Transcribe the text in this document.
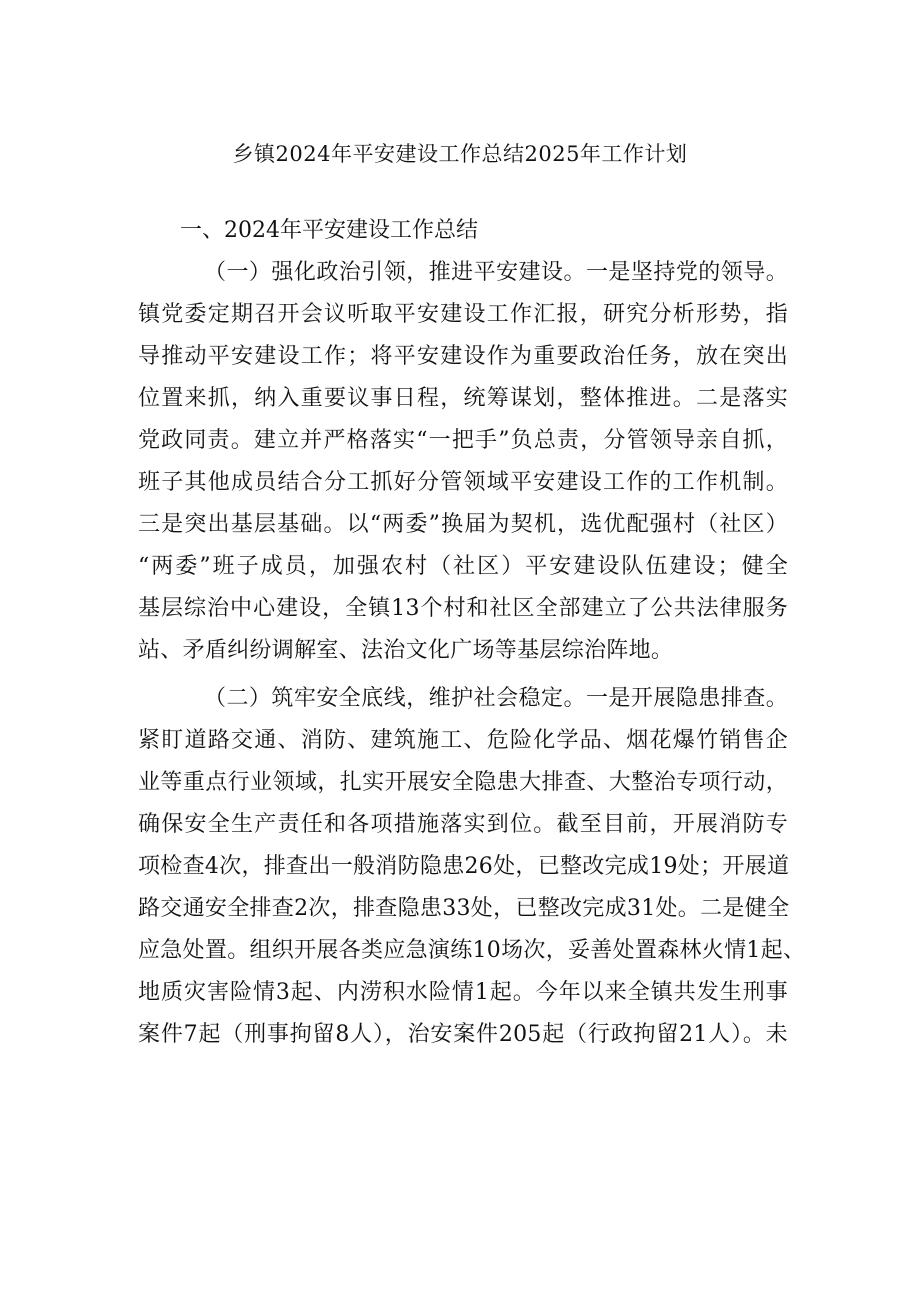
乡镇2024年平安建设工作总结2025年工作计划
一、2024年平安建设工作总结
（一）强化政治引领，推进平安建设。一是坚持党的领导。
镇党委定期召开会议听取平安建设工作汇报，研究分析形势，指
导推动平安建设工作；将平安建设作为重要政治任务，放在突出
位置来抓，纳入重要议事日程，统筹谋划，整体推进。二是落实
党政同责。建立并严格落实“一把手”负总责，分管领导亲自抓，
班子其他成员结合分工抓好分管领域平安建设工作的工作机制。
三是突出基层基础。以“两委”换届为契机，选优配强村（社区）
“两委”班子成员，加强农村（社区）平安建设队伍建设；健全
基层综治中心建设，全镇13个村和社区全部建立了公共法律服务
站、矛盾纠纷调解室、法治文化广场等基层综治阵地。
（二）筑牢安全底线，维护社会稳定。一是开展隐患排查。
紧盯道路交通、消防、建筑施工、危险化学品、烟花爆竹销售企
业等重点行业领域，扎实开展安全隐患大排查、大整治专项行动，
确保安全生产责任和各项措施落实到位。截至目前，开展消防专
项检查4次，排查出一般消防隐患26处，已整改完成19处；开展道
路交通安全排查2次，排查隐患33处，已整改完成31处。二是健全
应急处置。组织开展各类应急演练10场次，妥善处置森林火情1起、
地质灾害险情3起、内涝积水险情1起。今年以来全镇共发生刑事
案件7起（刑事拘留8人），治安案件205起（行政拘留21人）。未
